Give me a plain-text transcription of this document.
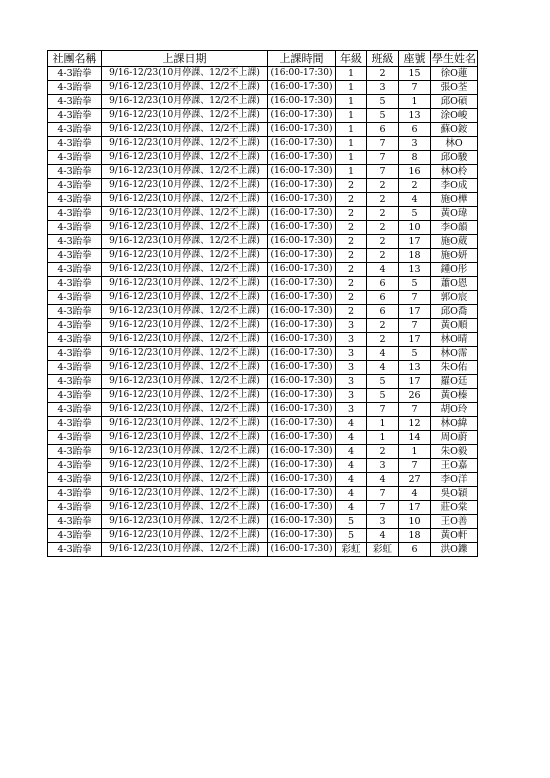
社團名稱	上課日期	上課時間	年級	班級	座號	學生姓名
4-3跆拳	9/16-12/23(10月停課、12/2不上課)	(16:00-17:30)	1	2	15	徐O蓮
4-3跆拳	9/16-12/23(10月停課、12/2不上課)	(16:00-17:30)	1	3	7	張O荃
4-3跆拳	9/16-12/23(10月停課、12/2不上課)	(16:00-17:30)	1	5	1	邱O碩
4-3跆拳	9/16-12/23(10月停課、12/2不上課)	(16:00-17:30)	1	5	13	涂O峻
4-3跆拳	9/16-12/23(10月停課、12/2不上課)	(16:00-17:30)	1	6	6	蘇O銨
4-3跆拳	9/16-12/23(10月停課、12/2不上課)	(16:00-17:30)	1	7	3	林O
4-3跆拳	9/16-12/23(10月停課、12/2不上課)	(16:00-17:30)	1	7	8	邱O駿
4-3跆拳	9/16-12/23(10月停課、12/2不上課)	(16:00-17:30)	1	7	16	林O柃
4-3跆拳	9/16-12/23(10月停課、12/2不上課)	(16:00-17:30)	2	2	2	李O成
4-3跆拳	9/16-12/23(10月停課、12/2不上課)	(16:00-17:30)	2	2	4	施O樺
4-3跆拳	9/16-12/23(10月停課、12/2不上課)	(16:00-17:30)	2	2	5	黃O瑋
4-3跆拳	9/16-12/23(10月停課、12/2不上課)	(16:00-17:30)	2	2	10	李O韻
4-3跆拳	9/16-12/23(10月停課、12/2不上課)	(16:00-17:30)	2	2	17	施O葳
4-3跆拳	9/16-12/23(10月停課、12/2不上課)	(16:00-17:30)	2	2	18	施O妍
4-3跆拳	9/16-12/23(10月停課、12/2不上課)	(16:00-17:30)	2	4	13	鍾O彤
4-3跆拳	9/16-12/23(10月停課、12/2不上課)	(16:00-17:30)	2	6	5	蕭O恩
4-3跆拳	9/16-12/23(10月停課、12/2不上課)	(16:00-17:30)	2	6	7	郭O宸
4-3跆拳	9/16-12/23(10月停課、12/2不上課)	(16:00-17:30)	2	6	17	邱O喬
4-3跆拳	9/16-12/23(10月停課、12/2不上課)	(16:00-17:30)	3	2	7	黃O順
4-3跆拳	9/16-12/23(10月停課、12/2不上課)	(16:00-17:30)	3	2	17	林O晴
4-3跆拳	9/16-12/23(10月停課、12/2不上課)	(16:00-17:30)	3	4	5	林O霈
4-3跆拳	9/16-12/23(10月停課、12/2不上課)	(16:00-17:30)	3	4	13	朱O佑
4-3跆拳	9/16-12/23(10月停課、12/2不上課)	(16:00-17:30)	3	5	17	羅O廷
4-3跆拳	9/16-12/23(10月停課、12/2不上課)	(16:00-17:30)	3	5	26	黃O榛
4-3跆拳	9/16-12/23(10月停課、12/2不上課)	(16:00-17:30)	3	7	7	胡O玲
4-3跆拳	9/16-12/23(10月停課、12/2不上課)	(16:00-17:30)	4	1	12	林O緯
4-3跆拳	9/16-12/23(10月停課、12/2不上課)	(16:00-17:30)	4	1	14	周O蔚
4-3跆拳	9/16-12/23(10月停課、12/2不上課)	(16:00-17:30)	4	2	1	朱O毅
4-3跆拳	9/16-12/23(10月停課、12/2不上課)	(16:00-17:30)	4	3	7	王O嘉
4-3跆拳	9/16-12/23(10月停課、12/2不上課)	(16:00-17:30)	4	4	27	李O洋
4-3跆拳	9/16-12/23(10月停課、12/2不上課)	(16:00-17:30)	4	7	4	吳O穎
4-3跆拳	9/16-12/23(10月停課、12/2不上課)	(16:00-17:30)	4	7	17	莊O棠
4-3跆拳	9/16-12/23(10月停課、12/2不上課)	(16:00-17:30)	5	3	10	王O善
4-3跆拳	9/16-12/23(10月停課、12/2不上課)	(16:00-17:30)	5	4	18	黃O軒
4-3跆拳	9/16-12/23(10月停課、12/2不上課)	(16:00-17:30)	彩虹	彩虹	6	洪O鑠
